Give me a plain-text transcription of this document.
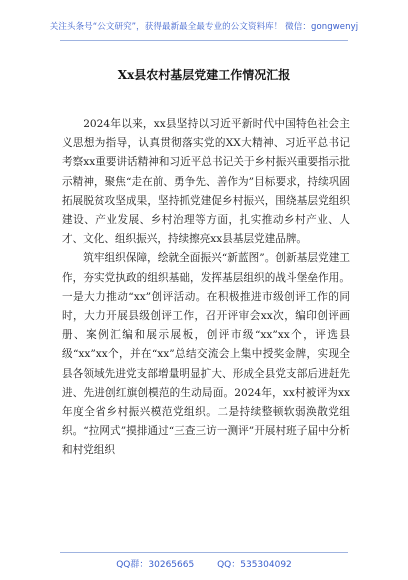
关注头条号“公文研究”，获得最新最全最专业的公文资料库！ 微信：gongwenyj
Xx县农村基层党建工作情况汇报

2024年以来，xx县坚持以习近平新时代中国特色社会主义思想为指导，认真贯彻落实党的XX大精神、习近平总书记考察xx重要讲话精神和习近平总书记关于乡村振兴重要指示批示精神，聚焦“走在前、勇争先、善作为”目标要求，持续巩固拓展脱贫攻坚成果，坚持抓党建促乡村振兴，围绕基层党组织建设、产业发展、乡村治理等方面，扎实推动乡村产业、人才、文化、组织振兴，持续擦亮xx县基层党建品牌。

筑牢组织保障，绘就全面振兴“新蓝图”。创新基层党建工作，夯实党执政的组织基础，发挥基层组织的战斗堡垒作用。一是大力推动“xx”创评活动。在积极推进市级创评工作的同时，大力开展县级创评工作，召开评审会xx次，编印创评画册、案例汇编和展示展板，创评市级“xx”xx个，评选县级“xx”xx个，并在“xx”总结交流会上集中授奖金牌，实现全县各领域先进党支部增量明显扩大、形成全县党支部后进赶先进、先进创红旗创模范的生动局面。2024年，xx村被评为xx年度全省乡村振兴模范党组织。二是持续整顿软弱涣散党组织。“拉网式”摸排通过“三查三访一测评”开展村班子届中分析和村党组织

QQ群：30265665	QQ：535304092
